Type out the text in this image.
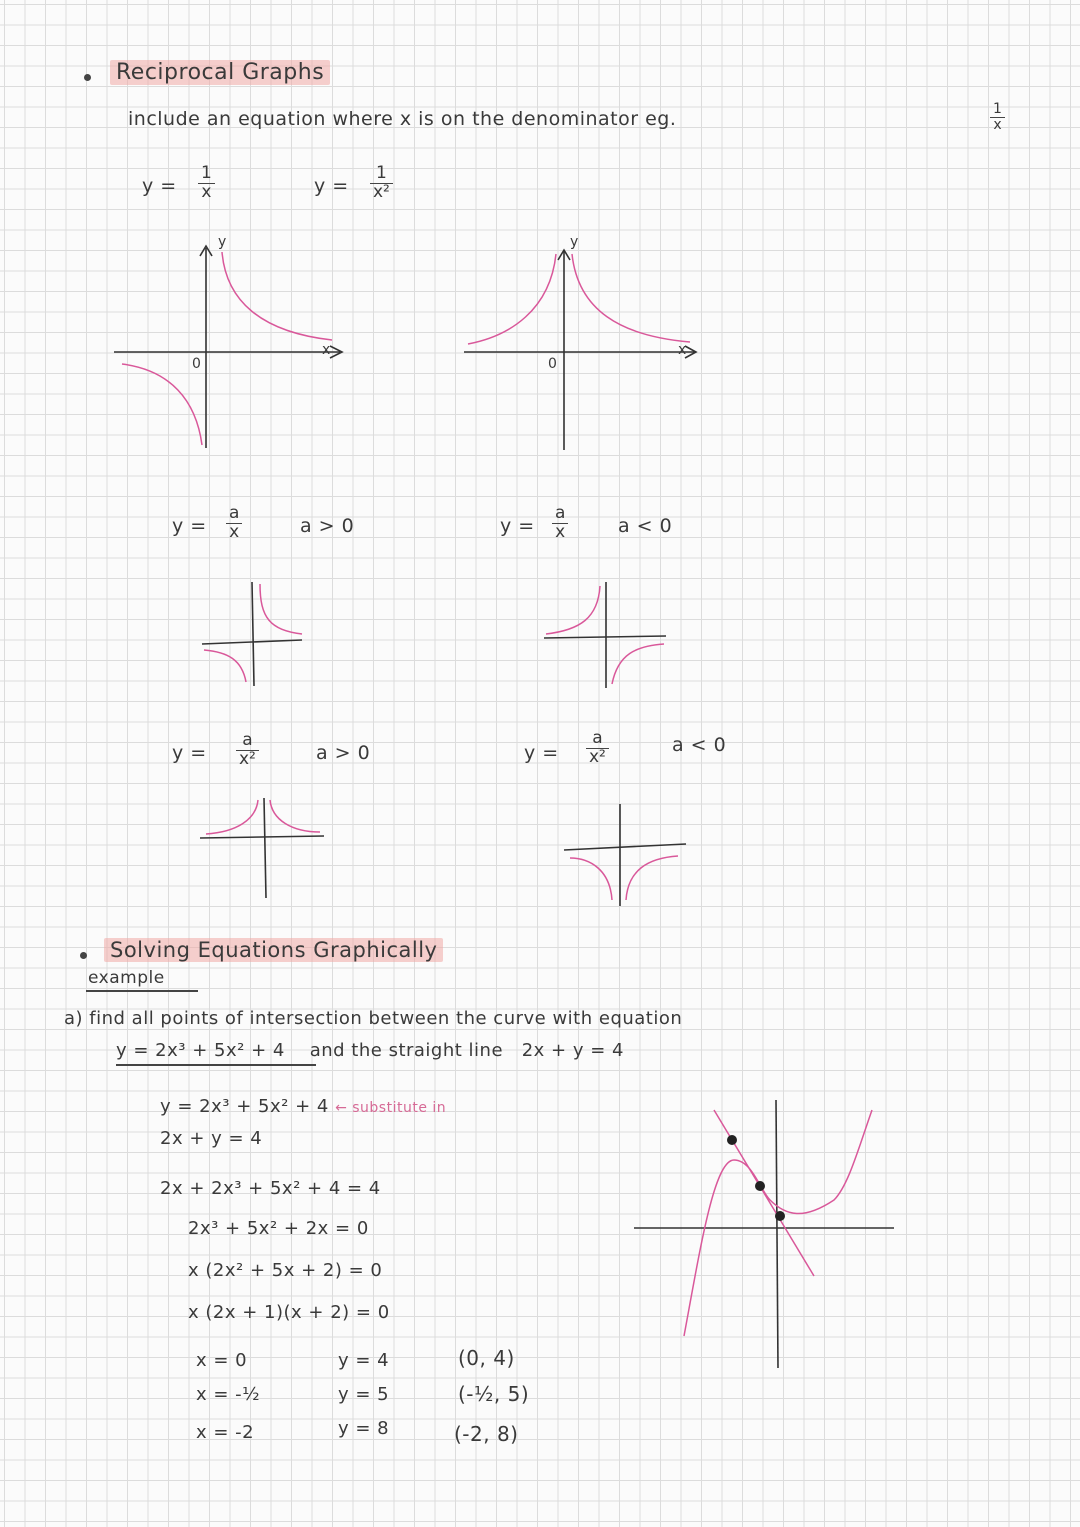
Reciprocal Graphs
include an equation where x is on the denominator eg.	1
x
y =
1
x	y =
1
x²
y
x
0
y
x
0
y =
a
x	a > 0	y =
a
x	a < 0
y =
a
x²	a > 0	y =
a
x²
a < 0
Solving Equations Graphically
example
a) find all points of intersection between the curve with equation
y = 2x³ + 5x² + 4 and the straight line 2x + y = 4
y = 2x³ + 5x² + 4 ← substitute in
2x + y = 4
2x + 2x³ + 5x² + 4 = 4
2x³ + 5x² + 2x = 0
x (2x² + 5x + 2) = 0
x (2x + 1)(x + 2) = 0
x = 0	y = 4	(0, 4)
x = -½	y = 5	(-½, 5)
x = -2	y = 8	(-2, 8)
